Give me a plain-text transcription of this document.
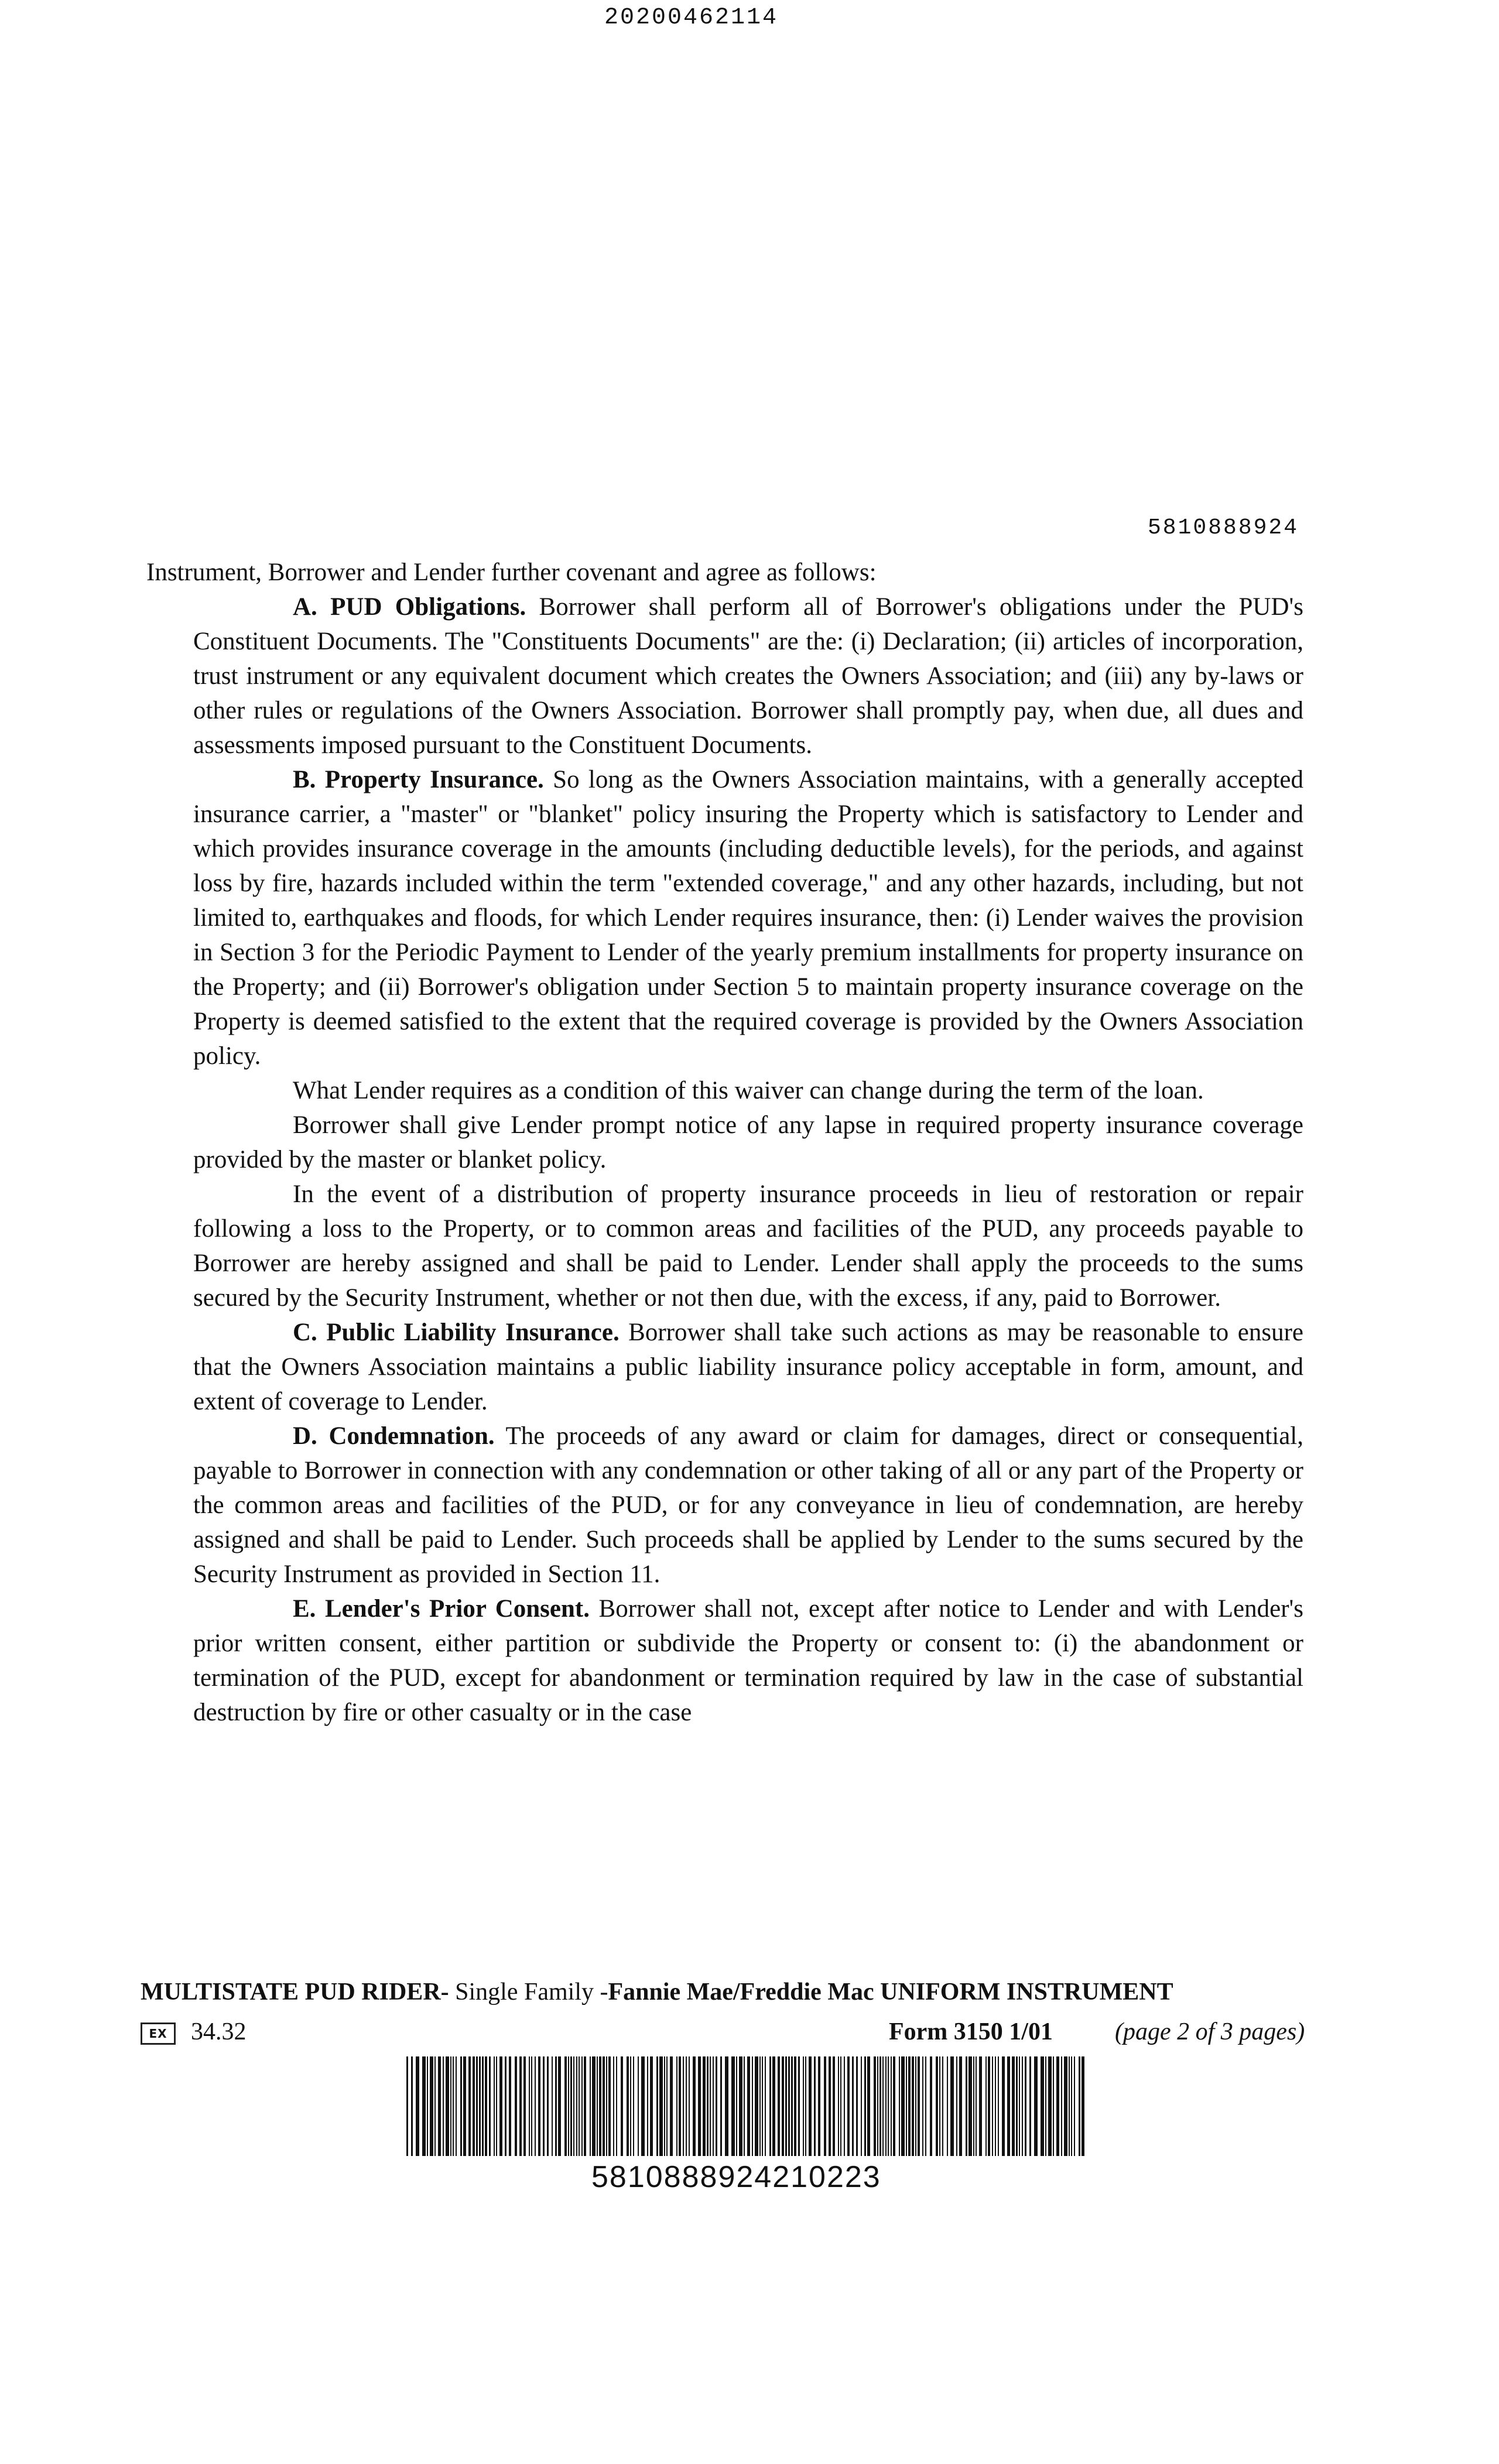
20200462114
5810888924

Instrument, Borrower and Lender further covenant and agree as follows:

A. PUD Obligations. Borrower shall perform all of Borrower's obligations under the PUD's Constituent Documents. The "Constituents Documents" are the: (i) Declaration; (ii) articles of incorporation, trust instrument or any equivalent document which creates the Owners Association; and (iii) any by-laws or other rules or regulations of the Owners Association. Borrower shall promptly pay, when due, all dues and assessments imposed pursuant to the Constituent Documents.

B. Property Insurance. So long as the Owners Association maintains, with a generally accepted insurance carrier, a "master" or "blanket" policy insuring the Property which is satisfactory to Lender and which provides insurance coverage in the amounts (including deductible levels), for the periods, and against loss by fire, hazards included within the term "extended coverage," and any other hazards, including, but not limited to, earthquakes and floods, for which Lender requires insurance, then: (i) Lender waives the provision in Section 3 for the Periodic Payment to Lender of the yearly premium installments for property insurance on the Property; and (ii) Borrower's obligation under Section 5 to maintain property insurance coverage on the Property is deemed satisfied to the extent that the required coverage is provided by the Owners Association policy.

What Lender requires as a condition of this waiver can change during the term of the loan.

Borrower shall give Lender prompt notice of any lapse in required property insurance coverage provided by the master or blanket policy.

In the event of a distribution of property insurance proceeds in lieu of restoration or repair following a loss to the Property, or to common areas and facilities of the PUD, any proceeds payable to Borrower are hereby assigned and shall be paid to Lender. Lender shall apply the proceeds to the sums secured by the Security Instrument, whether or not then due, with the excess, if any, paid to Borrower.

C. Public Liability Insurance. Borrower shall take such actions as may be reasonable to ensure that the Owners Association maintains a public liability insurance policy acceptable in form, amount, and extent of coverage to Lender.

D. Condemnation. The proceeds of any award or claim for damages, direct or consequential, payable to Borrower in connection with any condemnation or other taking of all or any part of the Property or the common areas and facilities of the PUD, or for any conveyance in lieu of condemnation, are hereby assigned and shall be paid to Lender. Such proceeds shall be applied by Lender to the sums secured by the Security Instrument as provided in Section 11.

E. Lender's Prior Consent. Borrower shall not, except after notice to Lender and with Lender's prior written consent, either partition or subdivide the Property or consent to: (i) the abandonment or termination of the PUD, except for abandonment or termination required by law in the case of substantial destruction by fire or other casualty or in the case

MULTISTATE PUD RIDER- Single Family -Fannie Mae/Freddie Mac UNIFORM INSTRUMENT
EX 34.32	Form 3150 1/01	(page 2 of 3 pages)
5810888924210223
